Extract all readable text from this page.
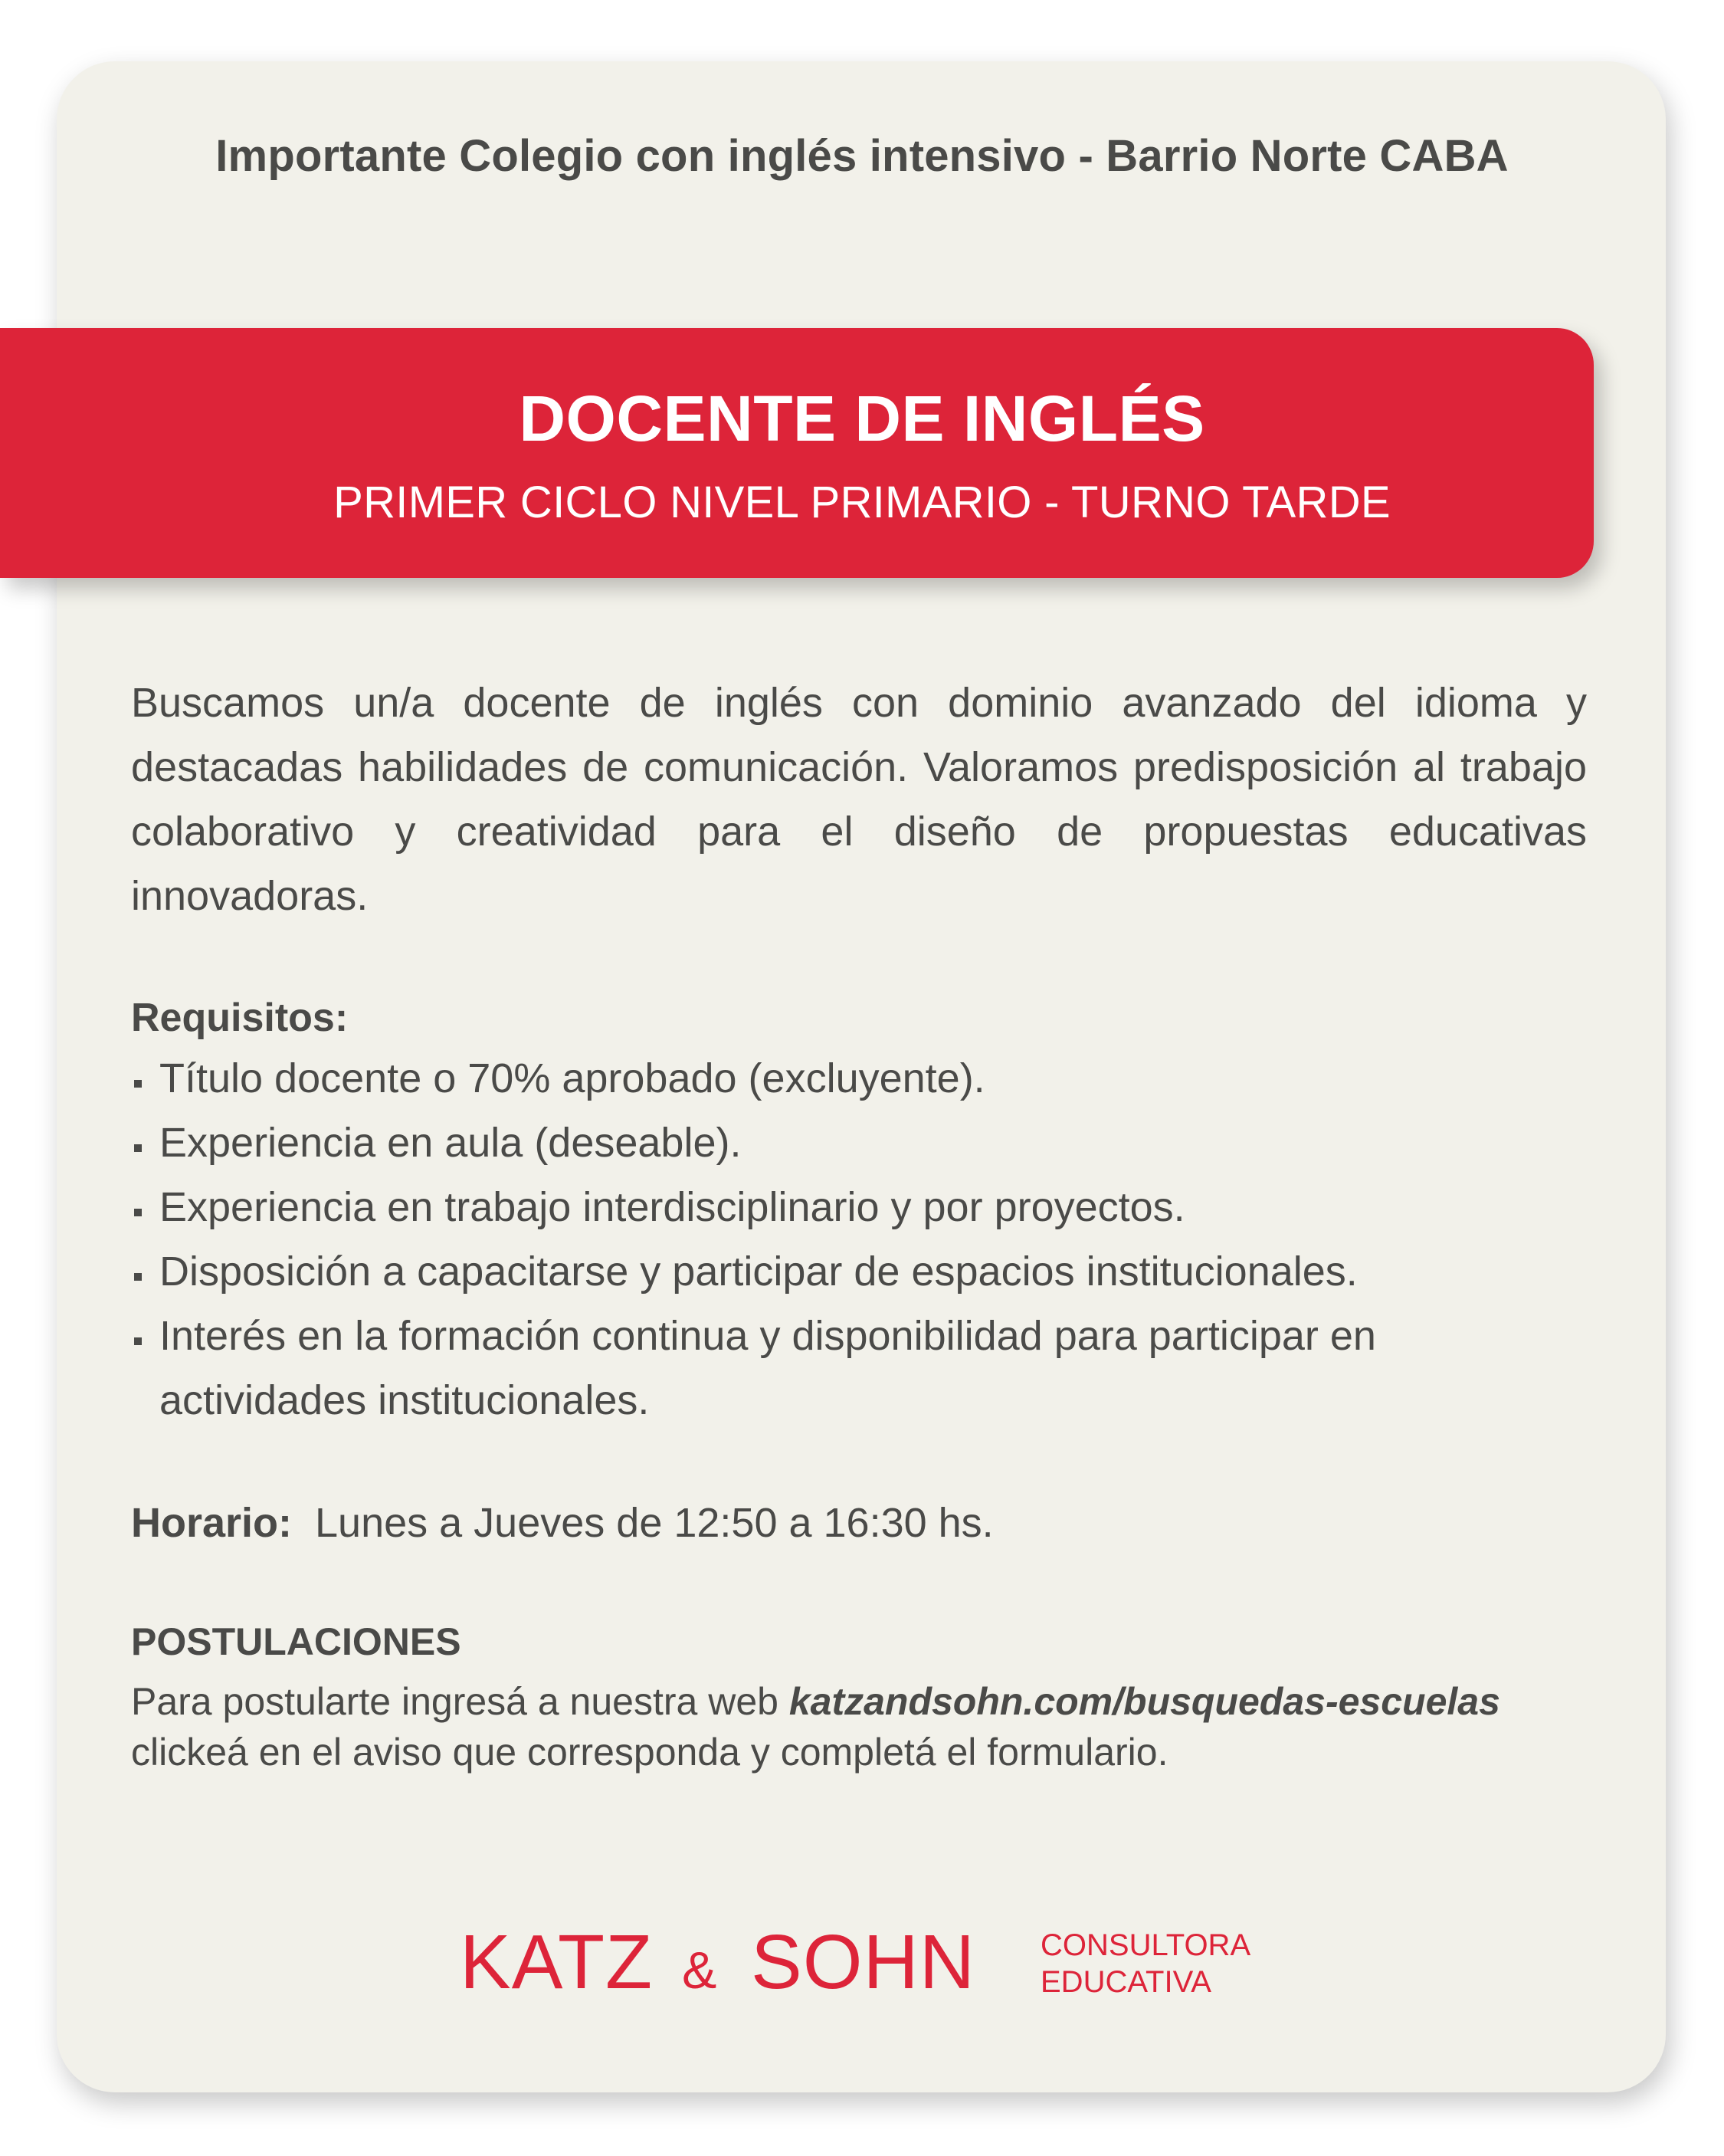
Importante Colegio con inglés intensivo - Barrio Norte CABA
DOCENTE DE INGLÉS
PRIMER CICLO NIVEL PRIMARIO - TURNO TARDE
Buscamos un/a docente de inglés con dominio avanzado del idioma y destacadas habilidades de comunicación. Valoramos predisposición al trabajo colaborativo y creatividad para el diseño de propuestas educativas innovadoras.
Requisitos:
Título docente o 70% aprobado (excluyente).
Experiencia en aula (deseable).
Experiencia en trabajo interdisciplinario y por proyectos.
Disposición a capacitarse y participar de espacios institucionales.
Interés en la formación continua y disponibilidad para participar en actividades institucionales.
Horario: Lunes a Jueves de 12:50 a 16:30 hs.
POSTULACIONES
Para postularte ingresá a nuestra web katzandsohn.com/busquedas-escuelas
clickeá en el aviso que corresponda y completá el formulario.
KATZ & SOHN CONSULTORA
EDUCATIVA
